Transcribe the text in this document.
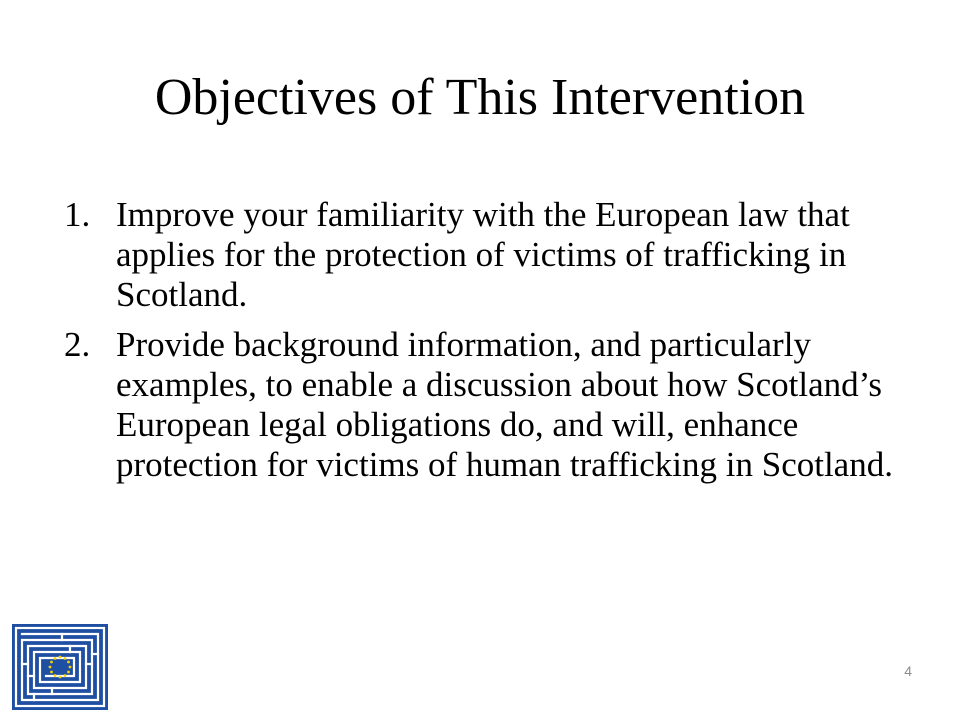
Objectives of This Intervention
1. Improve your familiarity with the European law that applies for the protection of victims of trafficking in Scotland.
2. Provide background information, and particularly examples, to enable a discussion about how Scotland’s European legal obligations do, and will, enhance protection for victims of human trafficking in Scotland.
4
